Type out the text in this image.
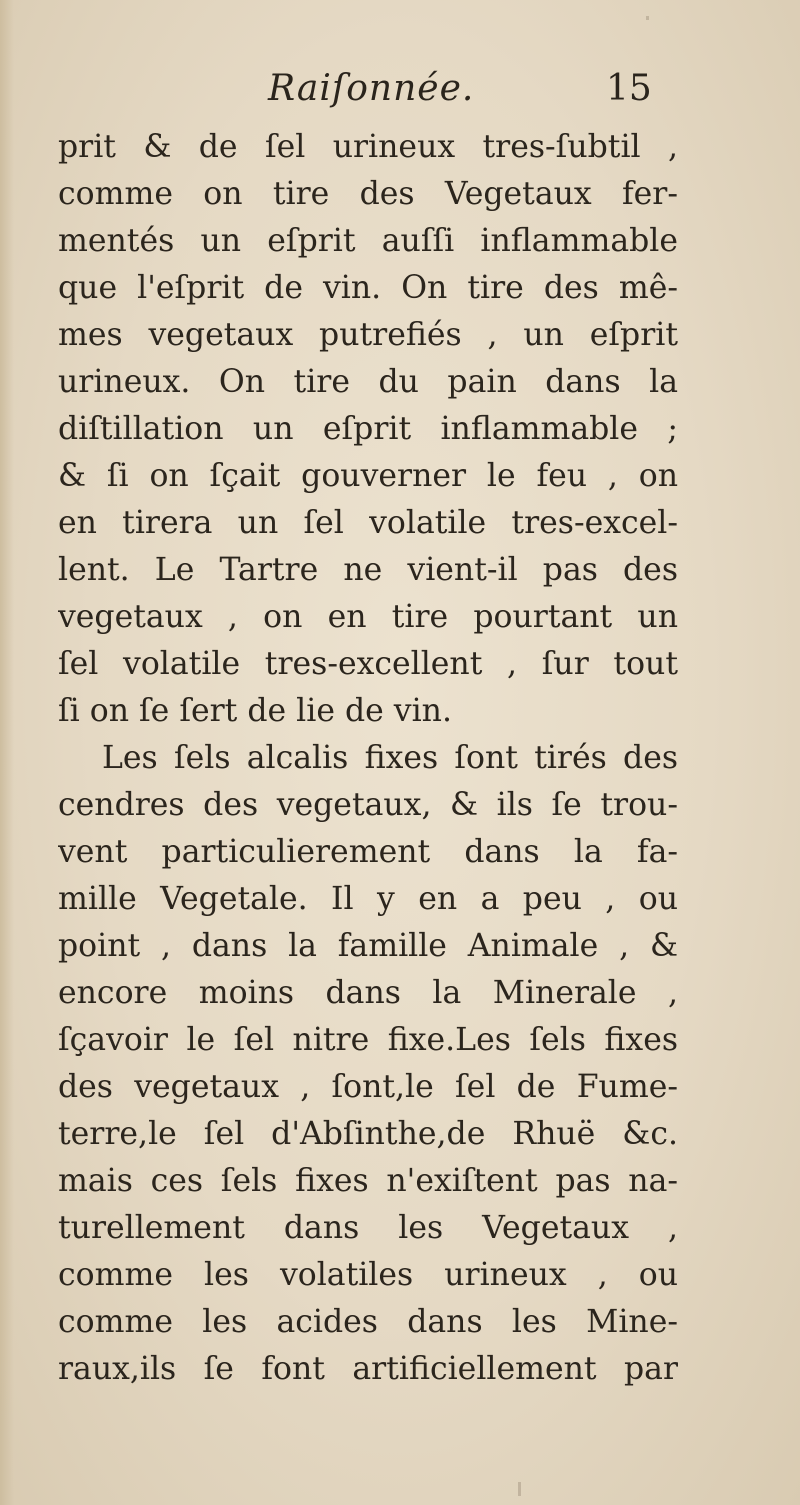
Raiſonnée.	15
prit & de ſel urineux tres-ſubtil ,
comme on tire des Vegetaux fer-
mentés un eſprit auſſi inflammable
que l'eſprit de vin. On tire des mê-
mes vegetaux putrefiés , un eſprit
urineux. On tire du pain dans la
diſtillation un eſprit inflammable ;
& ſi on ſçait gouverner le feu , on
en tirera un ſel volatile tres-excel-
lent. Le Tartre ne vient-il pas des
vegetaux , on en tire pourtant un
ſel volatile tres-excellent , ſur tout
ſi on ſe ſert de lie de vin.
Les ſels alcalis fixes ſont tirés des
cendres des vegetaux, & ils ſe trou-
vent particulierement dans la fa-
mille Vegetale. Il y en a peu , ou
point , dans la famille Animale , &
encore moins dans la Minerale ,
ſçavoir le ſel nitre fixe.Les ſels fixes
des vegetaux , ſont,le ſel de Fume-
terre,le ſel d'Abſinthe,de Rhuë &c.
mais ces ſels fixes n'exiſtent pas na-
turellement dans les Vegetaux ,
comme les volatiles urineux , ou
comme les acides dans les Mine-
raux,ils ſe font artificiellement par
